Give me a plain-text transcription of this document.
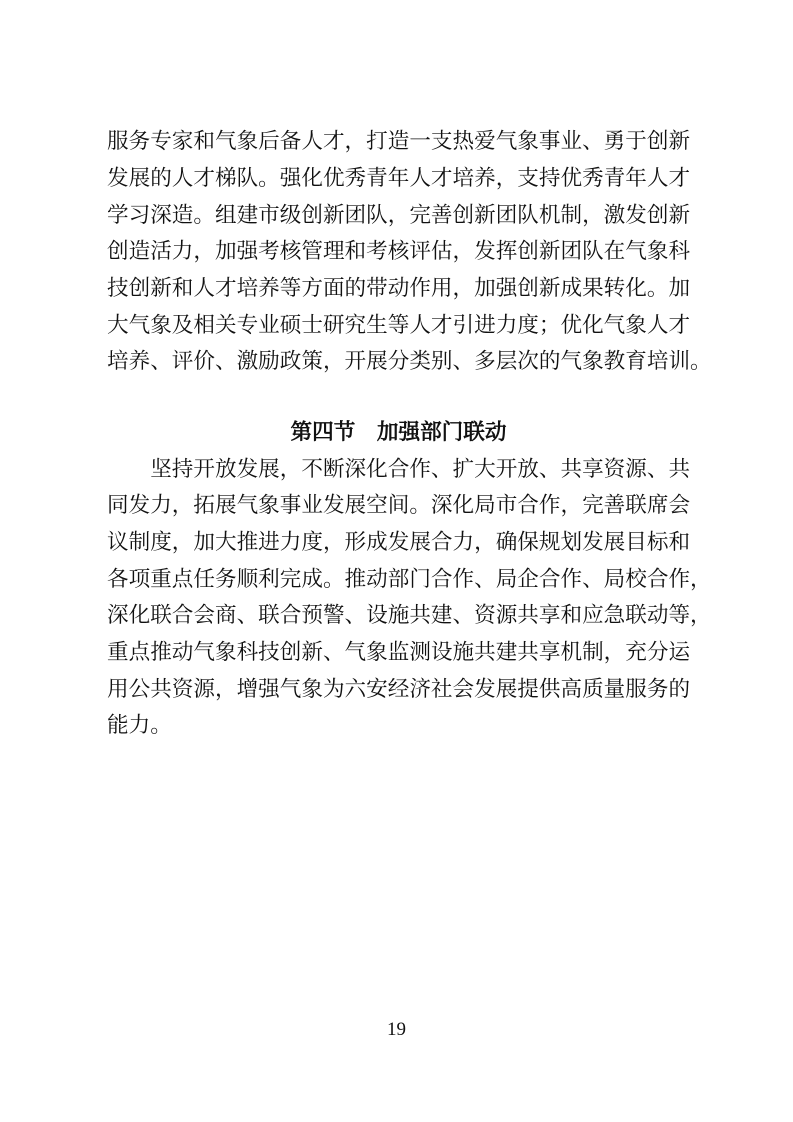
服务专家和气象后备人才，打造一支热爱气象事业、勇于创新
发展的人才梯队。强化优秀青年人才培养，支持优秀青年人才
学习深造。组建市级创新团队，完善创新团队机制，激发创新
创造活力，加强考核管理和考核评估，发挥创新团队在气象科
技创新和人才培养等方面的带动作用，加强创新成果转化。加
大气象及相关专业硕士研究生等人才引进力度；优化气象人才
培养、评价、激励政策，开展分类别、多层次的气象教育培训。
第四节　加强部门联动
　　坚持开放发展，不断深化合作、扩大开放、共享资源、共
同发力，拓展气象事业发展空间。深化局市合作，完善联席会
议制度，加大推进力度，形成发展合力，确保规划发展目标和
各项重点任务顺利完成。推动部门合作、局企合作、局校合作，
深化联合会商、联合预警、设施共建、资源共享和应急联动等，
重点推动气象科技创新、气象监测设施共建共享机制，充分运
用公共资源，增强气象为六安经济社会发展提供高质量服务的
能力。
19
